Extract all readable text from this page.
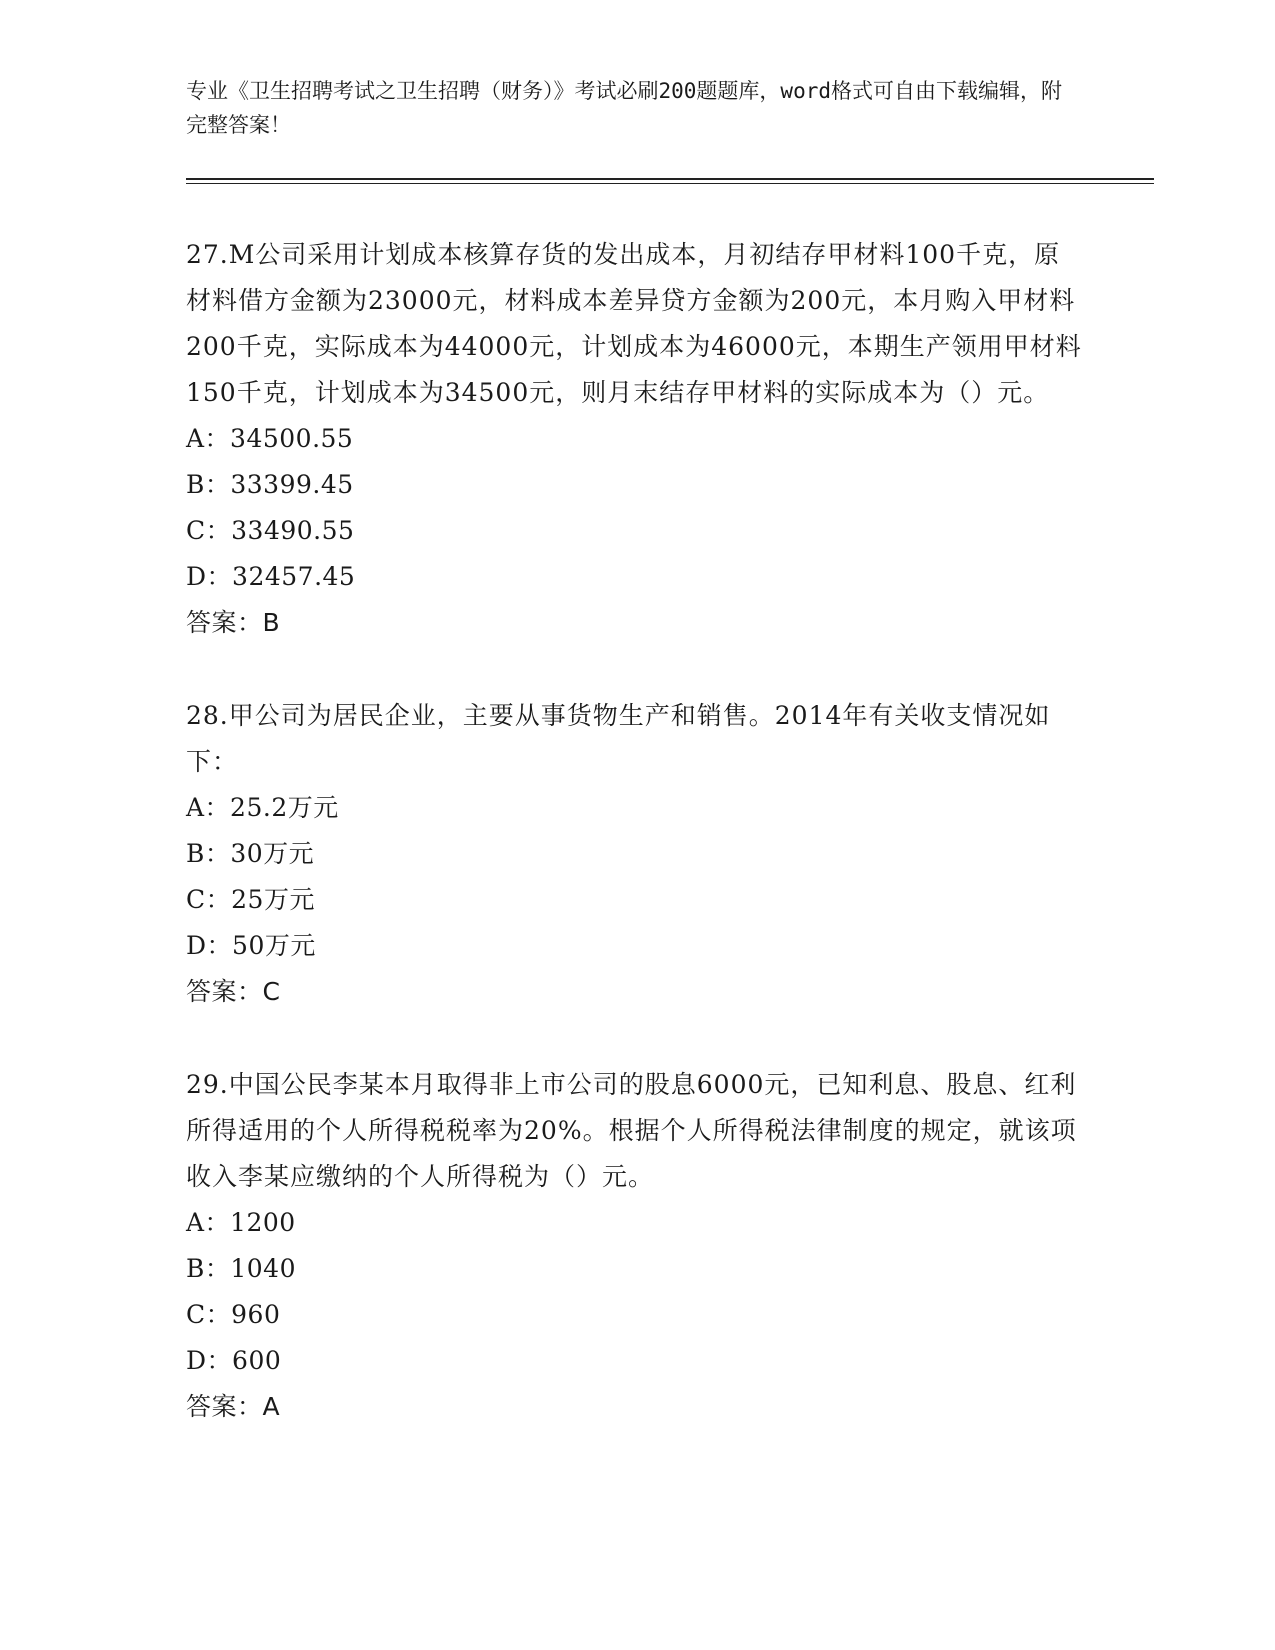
专业《卫生招聘考试之卫生招聘（财务）》考试必刷200题题库，word格式可自由下载编辑，附完整答案！

27.M公司采用计划成本核算存货的发出成本，月初结存甲材料100千克，原材料借方金额为23000元，材料成本差异贷方金额为200元，本月购入甲材料200千克，实际成本为44000元，计划成本为46000元，本期生产领用甲材料150千克，计划成本为34500元，则月末结存甲材料的实际成本为（）元。

A：34500.55

B：33399.45

C：33490.55

D：32457.45

答案：B

28.甲公司为居民企业，主要从事货物生产和销售。2014年有关收支情况如下：

A：25.2万元

B：30万元

C：25万元

D：50万元

答案：C

29.中国公民李某本月取得非上市公司的股息6000元，已知利息、股息、红利所得适用的个人所得税税率为20%。根据个人所得税法律制度的规定，就该项收入李某应缴纳的个人所得税为（）元。

A：1200

B：1040

C：960

D：600

答案：A
